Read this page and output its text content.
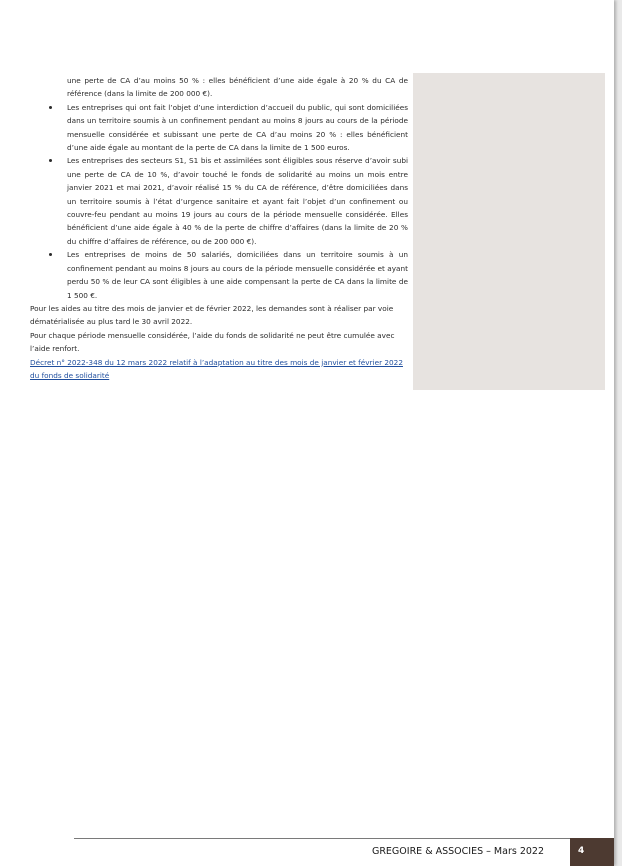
une perte de CA d’au moins 50 % : elles bénéficient d’une aide égale à 20 % du CA de référence (dans la limite de 200 000 €).

Les entreprises qui ont fait l’objet d’une interdiction d’accueil du public, qui sont domiciliées dans un territoire soumis à un confinement pendant au moins 8 jours au cours de la période mensuelle considérée et subissant une perte de CA d’au moins 20 % : elles bénéficient d’une aide égale au montant de la perte de CA dans la limite de 1 500 euros.
Les entreprises des secteurs S1, S1 bis et assimilées sont éligibles sous réserve d’avoir subi une perte de CA de 10 %, d’avoir touché le fonds de solidarité au moins un mois entre janvier 2021 et mai 2021, d’avoir réalisé 15 % du CA de référence, d’être domiciliées dans un territoire soumis à l’état d’urgence sanitaire et ayant fait l’objet d’un confinement ou couvre-feu pendant au moins 19 jours au cours de la période mensuelle considérée. Elles bénéficient d’une aide égale à 40 % de la perte de chiffre d’affaires (dans la limite de 20 % du chiffre d’affaires de référence, ou de 200 000 €).
Les entreprises de moins de 50 salariés, domiciliées dans un territoire soumis à un confinement pendant au moins 8 jours au cours de la période mensuelle considérée et ayant perdu 50 % de leur CA sont éligibles à une aide compensant la perte de CA dans la limite de 1 500 €.

Pour les aides au titre des mois de janvier et de février 2022, les demandes sont à réaliser par voie dématérialisée au plus tard le 30 avril 2022.

Pour chaque période mensuelle considérée, l’aide du fonds de solidarité ne peut être cumulée avec l’aide renfort.

Décret n° 2022-348 du 12 mars 2022 relatif à l’adaptation au titre des mois de janvier et février 2022 du fonds de solidarité
GREGOIRE & ASSOCIES – Mars 2022	4
